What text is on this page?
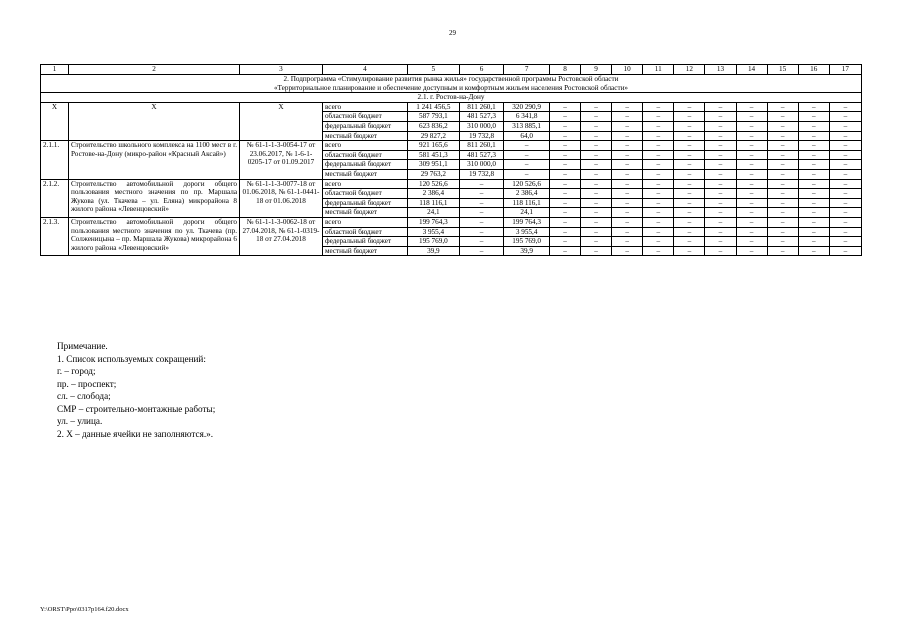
29
1	2	3	4	5	6	7	8	9	10	11	12	13	14	15	16	17

2. Подпрограмма «Стимулирование развития рынка жилья» государственной программы Ростовской области
«Территориальное планирование и обеспечение доступным и комфортным жильем населения Ростовской области»																

2.1. г. Ростов-на-Дону																
X	X	X	всего	1 241 456,5	811 260,1	320 290,9	–	–	–	–	–	–	–	–	–	–
			областной бюджет	587 793,1	481 527,3	6 341,8	–	–	–	–	–	–	–	–	–	–
			федеральный бюджет	623 836,2	310 000,0	313 885,1	–	–	–	–	–	–	–	–	–	–
			местный бюджет	29 827,2	19 732,8	64,0	–	–	–	–	–	–	–	–	–	–
2.1.1.	Строительство школьного комплекса на 1100 мест в г. Ростове-на-Дону (микро-район «Красный Аксай»)	№ 61-1-1-3-0054-17 от 23.06.2017, № 1-6-1-0205-17 от 01.09.2017	всего	921 165,6	811 260,1	–	–	–	–	–	–	–	–	–	–	–
			областной бюджет	581 451,3	481 527,3	–	–	–	–	–	–	–	–	–	–	–
			федеральный бюджет	309 951,1	310 000,0	–	–	–	–	–	–	–	–	–	–	–
			местный бюджет	29 763,2	19 732,8	–	–	–	–	–	–	–	–	–	–	–
2.1.2.	Строительство автомобильной дороги общего пользования местного значения по пр. Маршала Жукова (ул. Ткачева – ул. Еляна) микрорайона 8 жилого района «Левенцовский»	№ 61-1-1-3-0077-18 от 01.06.2018, № 61-1-0441-18 от 01.06.2018	всего	120 526,6	–	120 526,6	–	–	–	–	–	–	–	–	–	–
			областной бюджет	2 386,4	–	2 386,4	–	–	–	–	–	–	–	–	–	–
			федеральный бюджет	118 116,1	–	118 116,1	–	–	–	–	–	–	–	–	–	–
			местный бюджет	24,1	–	24,1	–	–	–	–	–	–	–	–	–	–
2.1.3.	Строительство автомобильной дороги общего пользования местного значения по ул. Ткачева (пр. Солженицына – пр. Маршала Жукова) микрорайона 6 жилого района «Левенцовский»	№ 61-1-1-3-0062-18 от 27.04.2018, № 61-1-0319-18 от 27.04.2018	всего	199 764,3	–	199 764,3	–	–	–	–	–	–	–	–	–	–
			областной бюджет	3 955,4	–	3 955,4	–	–	–	–	–	–	–	–	–	–
			федеральный бюджет	195 769,0	–	195 769,0	–	–	–	–	–	–	–	–	–	–
			местный бюджет	39,9	–	39,9	–	–	–	–	–	–	–	–	–	–
Примечание.
1. Список используемых сокращений:
г. – город;
пр. – проспект;
сл. – слобода;
СМР – строительно-монтажные работы;
ул. – улица.
2. X – данные ячейки не заполняются.».
Y:\ORST\Ppo\0317p164.f20.docx
